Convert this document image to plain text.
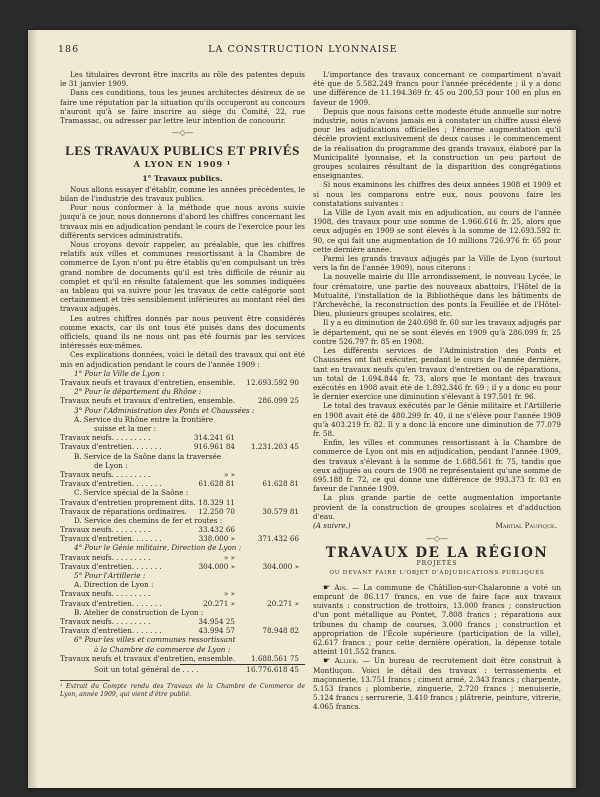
186	LA CONSTRUCTION LYONNAISE

Les titulaires devront être inscrits au rôle des patentes depuis le 31 janvier 1909.

Dans ces conditions, tous les jeunes architectes désireux de se faire une réputation par la situation qu'ils occuperont au concours n'auront qu'à se faire inscrire au siège du Comité, 22, rue Tramassac, ou adresser par lettre leur intention de concourir.

—◇—
LES TRAVAUX PUBLICS ET PRIVÉS
A LYON EN 1909 ¹
1° Travaux publics.

Nous allons essayer d'établir, comme les années précédentes, le bilan de l'industrie des travaux publics.

Pour nous conformer à la méthode que nous avons suivie jusqu'à ce jour, nous donnerons d'abord les chiffres concernant les travaux mis en adjudication pendant le cours de l'exercice pour les différents services administratifs.

Nous croyons devoir rappeler, au préalable, que les chiffres relatifs aux villes et communes ressortissant à la Chambre de commerce de Lyon n'ont pu être établis qu'en compulsant un très grand nombre de documents qu'il est très difficile de réunir au complet et qu'il en résulte fatalement que les sommes indiquées au tableau qui va suivre pour les travaux de cette catégorie sont certainement et très sensiblement inférieures au montant réel des travaux adjugés.

Les autres chiffres donnés par nous peuvent être considérés comme exacts, car ils ont tous été puisés dans des documents officiels, quand ils ne nous ont pas été fournis par les services intéressés eux-mêmes.

Ces explications données, voici le détail des travaux qui ont été mis en adjudication pendant le cours de l'année 1909 :

1° Pour la Ville de Lyon :
Travaux neufs et travaux d'entretien, ensemble. 12.693.592 90
2° Pour le département du Rhône :
Travaux neufs et travaux d'entretien, ensemble.	286.099 25
3° Pour l'Administration des Ponts et Chaussées :
A. Service du Rhône entre la frontière
suisse et la mer :
Travaux neufs. . . . . . . . .	314.241 61
Travaux d'entretien. . . . . . .	916.961 84 1.231.203 45
B. Service de la Saône dans la traversée
de Lyon :
Travaux neufs. . . . . . . . .	» »
Travaux d'entretien. . . . . . .	61.628 81	61.628 81
C. Service spécial de la Saône :
Travaux d'entretien proprement dits. 18.329 11
Travaux de réparations ordinaires. 12.250 70	30.579 81
D. Service des chemins de fer et routes :
Travaux neufs. . . . . . . . .	33.432 66
Travaux d'entretien. . . . . . .	338.000 »	371.432 66
4° Pour le Génie militaire, Direction de Lyon :
Travaux neufs. . . . . . . . .	» »
Travaux d'entretien. . . . . . .	304.000 »	304.000 »
5° Pour l'Artillerie :
A. Direction de Lyon :
Travaux neufs. . . . . . . . .	» »
Travaux d'entretien. . . . . . .	20.271 »	20.271 »
B. Atelier de construction de Lyon :
Travaux neufs. . . . . . . . .	34.954 25
Travaux d'entretien. . . . . . .	43.994 57	78.948 82
6° Pour les villes et communes ressortissant
à la Chambre de commerce de Lyon :
Travaux neufs et travaux d'entretien, ensemble. 1.688.561 75
Soit un total général de . . . .	16.776.618 45

¹ Extrait du Compte rendu des Travaux de la Chambre de Commerce de Lyon, année 1909, qui vient d'être publié.

L'importance des travaux concernant ce compartiment n'avait été que de 5.582.249 francs pour l'année précédente ; il y a donc une différence de 11.194.369 fr. 45 ou 200,53 pour 100 en plus en faveur de 1909.

Depuis que nous faisons cette modeste étude annuelle sur notre industrie, nous n'avons jamais eu à constater un chiffre aussi élevé pour les adjudications officielles ; l'énorme augmentation qu'il décèle provient exclusivement de deux causes : le commencement de la réalisation du programme des grands travaux, élaboré par la Municipalité lyonnaise, et la construction un peu partout de groupes scolaires résultant de la disparition des congrégations enseignantes.

Si nous examinons les chiffres des deux années 1908 et 1909 et si nous les comparons entre eux, nous pouvons faire les constatations suivantes :

La Ville de Lyon avait mis en adjudication, au cours de l'année 1908, des travaux pour une somme de 1.966.616 fr. 25, alors que ceux adjugés en 1909 se sont élevés à la somme de 12.693.592 fr. 90, ce qui fait une augmentation de 10 millions 726.976 fr. 65 pour cette dernière année.

Parmi les grands travaux adjugés par la Ville de Lyon (surtout vers la fin de l'année 1909), nous citerons :

La nouvelle mairie du IIIe arrondissement, le nouveau Lycée, le four crématoire, une partie des nouveaux abattoirs, l'Hôtel de la Mutualité, l'installation de la Bibliothèque dans les bâtiments de l'Archevêché, la reconstruction des ponts la Feuillée et de l'Hôtel-Dieu, plusieurs groupes scolaires, etc.

Il y a eu diminution de 240.698 fr. 60 sur les travaux adjugés par le département, qui ne se sont élevés en 1909 qu'à 286.099 fr. 25 contre 526.797 fr. 85 en 1908.

Les différents services de l'Administration des Ponts et Chaussées ont fait exécuter, pendant le cours de l'année dernière, tant en travaux neufs qu'en travaux d'entretien ou de réparations, un total de 1.694.844 fr. 73, alors que le montant des travaux exécutés en 1908 avait été de 1.892.346 fr. 69 ; il y a donc eu pour le dernier exercice une diminution s'élevant à 197.501 fr. 96.

Le total des travaux exécutés par le Génie militaire et l'Artillerie en 1908 avait été de 480.299 fr. 40, il ne s'élève pour l'année 1909 qu'à 403.219 fr. 82. Il y a donc là encore une diminution de 77.079 fr. 58.

Enfin, les villes et communes ressortissant à la Chambre de commerce de Lyon ont mis en adjudication, pendant l'année 1909, des travaux s'élevant à la somme de 1.688.561 fr. 75, tandis que ceux adjugés au cours de 1908 ne représentaient qu'une somme de 695.188 fr. 72, ce qui donne une différence de 993.373 fr. 03 en faveur de l'année 1909.

La plus grande partie de cette augmentation importante provient de la construction de groupes scolaires et d'adduction d'eau.

(A suivre.)	Martial Paufique.
—◇—
TRAVAUX DE LA RÉGION
PROJETÉS
OU DEVANT FAIRE L'OBJET D'ADJUDICATIONS PUBLIQUES

☛ Ain. — La commune de Châtillon-sur-Chalaronne a voté un emprunt de 86.117 francs, en vue de faire face aux travaux suivants : construction de trottoirs, 13.000 francs ; construction d'un pont métallique au Pontet, 7.808 francs ; réparations aux tribunes du champ de courses, 3.000 francs ; construction et appropriation de l'École supérieure (participation de la ville), 62.617 francs ; pour cette dernière opération, la dépense totale atteint 101.552 francs.

☛ Allier. — Un bureau de recrutement doit être construit à Montluçon. Voici le détail des travaux : terrassements et maçonnerie, 13.751 francs ; ciment armé, 2.343 francs ; charpente, 5.153 francs ; plomberie, zinguerie, 2.720 francs ; menuiserie, 5.124 francs ; serrurerie, 3.410 francs ; plâtrerie, peinture, vitrerie, 4.065 francs.
